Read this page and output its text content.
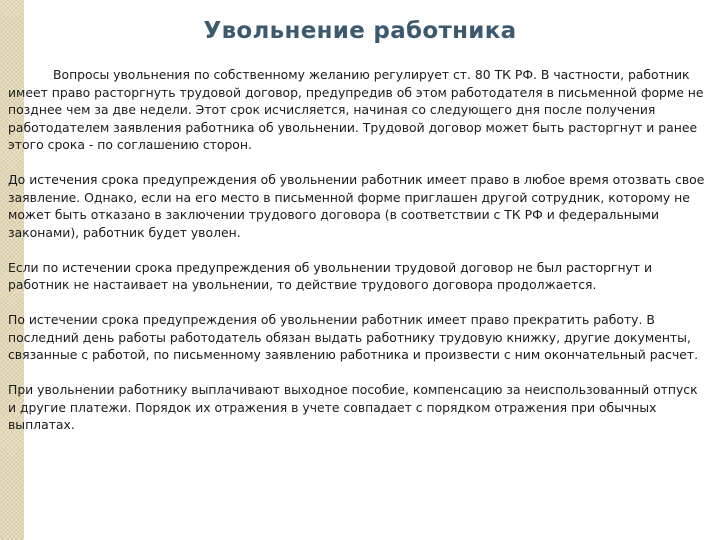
Увольнение работника

Вопросы увольнения по собственному желанию регулирует ст. 80 ТК РФ. В частности, работник имеет право расторгнуть трудовой договор, предупредив об этом работодателя в письменной форме не позднее чем за две недели. Этот срок исчисляется, начиная со следующего дня после получения работодателем заявления работника об увольнении. Трудовой договор может быть расторгнут и ранее этого срока - по соглашению сторон.

До истечения срока предупреждения об увольнении работник имеет право в любое время отозвать свое заявление. Однако, если на его место в письменной форме приглашен другой сотрудник, которому не может быть отказано в заключении трудового договора (в соответствии с ТК РФ и федеральными законами), работник будет уволен.

Если по истечении срока предупреждения об увольнении трудовой договор не был расторгнут и работник не настаивает на увольнении, то действие трудового договора продолжается.

По истечении срока предупреждения об увольнении работник имеет право прекратить работу. В последний день работы работодатель обязан выдать работнику трудовую книжку, другие документы, связанные с работой, по письменному заявлению работника и произвести с ним окончательный расчет.

При увольнении работнику выплачивают выходное пособие, компенсацию за неиспользованный отпуск и другие платежи. Порядок их отражения в учете совпадает с порядком отражения при обычных выплатах.
